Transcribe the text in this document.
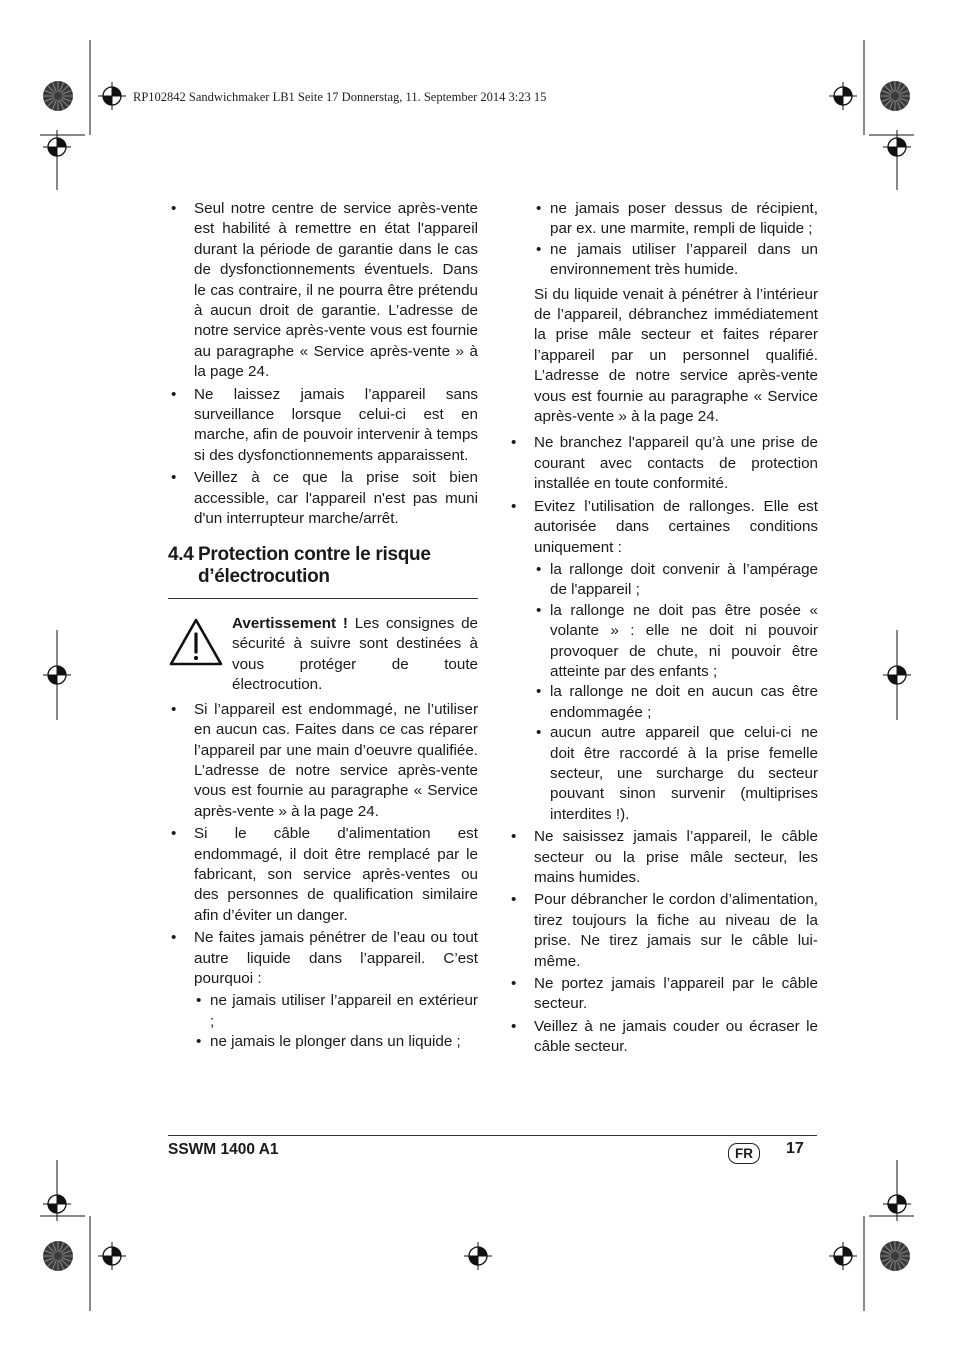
RP102842 Sandwichmaker LB1 Seite 17 Donnerstag, 11. September 2014 3:23 15

• Seul notre centre de service après-vente est habilité à remettre en état l'appareil durant la période de garantie dans le cas de dysfonctionnements éventuels. Dans le cas contraire, il ne pourra être prétendu à aucun droit de garantie. L’adresse de notre service après-vente vous est fournie au paragraphe « Service après-vente » à la page 24.

• Ne laissez jamais l’appareil sans surveillance lorsque celui-ci est en marche, afin de pouvoir intervenir à temps si des dysfonctionnements apparaissent.

• Veillez à ce que la prise soit bien accessible, car l'appareil n'est pas muni d'un interrupteur marche/arrêt.

4.4 Protection contre le risque
d’électrocution

Avertissement ! Les consignes de sécurité à suivre sont destinées à vous protéger de toute électrocution.

• Si l’appareil est endommagé, ne l’utiliser en aucun cas. Faites dans ce cas réparer l’appareil par une main d’oeuvre qualifiée. L’adresse de notre service après-vente vous est fournie au paragraphe « Service après-vente » à la page 24.

• Si le câble d'alimentation est endommagé, il doit être remplacé par le fabricant, son service après-ventes ou des personnes de qualification similaire afin d’éviter un danger.

• Ne faites jamais pénétrer de l’eau ou tout autre liquide dans l’appareil. C’est pourquoi :

• ne jamais utiliser l’appareil en extérieur ;
• ne jamais le plonger dans un liquide ;
• ne jamais poser dessus de récipient, par ex. une marmite, rempli de liquide ;
• ne jamais utiliser l’appareil dans un environnement très humide.

Si du liquide venait à pénétrer à l’intérieur de l’appareil, débranchez immédiatement la prise mâle secteur et faites réparer l’appareil par un personnel qualifié. L’adresse de notre service après-vente vous est fournie au paragraphe « Service après-vente » à la page 24.

• Ne branchez l'appareil qu’à une prise de courant avec contacts de protection installée en toute conformité.

• Evitez l’utilisation de rallonges. Elle est autorisée dans certaines conditions uniquement :

• la rallonge doit convenir à l’ampérage de l'appareil ;
• la rallonge ne doit pas être posée « volante » : elle ne doit ni pouvoir provoquer de chute, ni pouvoir être atteinte par des enfants ;
• la rallonge ne doit en aucun cas être endommagée ;
• aucun autre appareil que celui-ci ne doit être raccordé à la prise femelle secteur, une surcharge du secteur pouvant sinon survenir (multiprises interdites !).

• Ne saisissez jamais l’appareil, le câble secteur ou la prise mâle secteur, les mains humides.

• Pour débrancher le cordon d’alimentation, tirez toujours la fiche au niveau de la prise. Ne tirez jamais sur le câble lui-même.

• Ne portez jamais l’appareil par le câble secteur.

• Veillez à ne jamais couder ou écraser le câble secteur.

SSWM 1400 A1	FR	17
